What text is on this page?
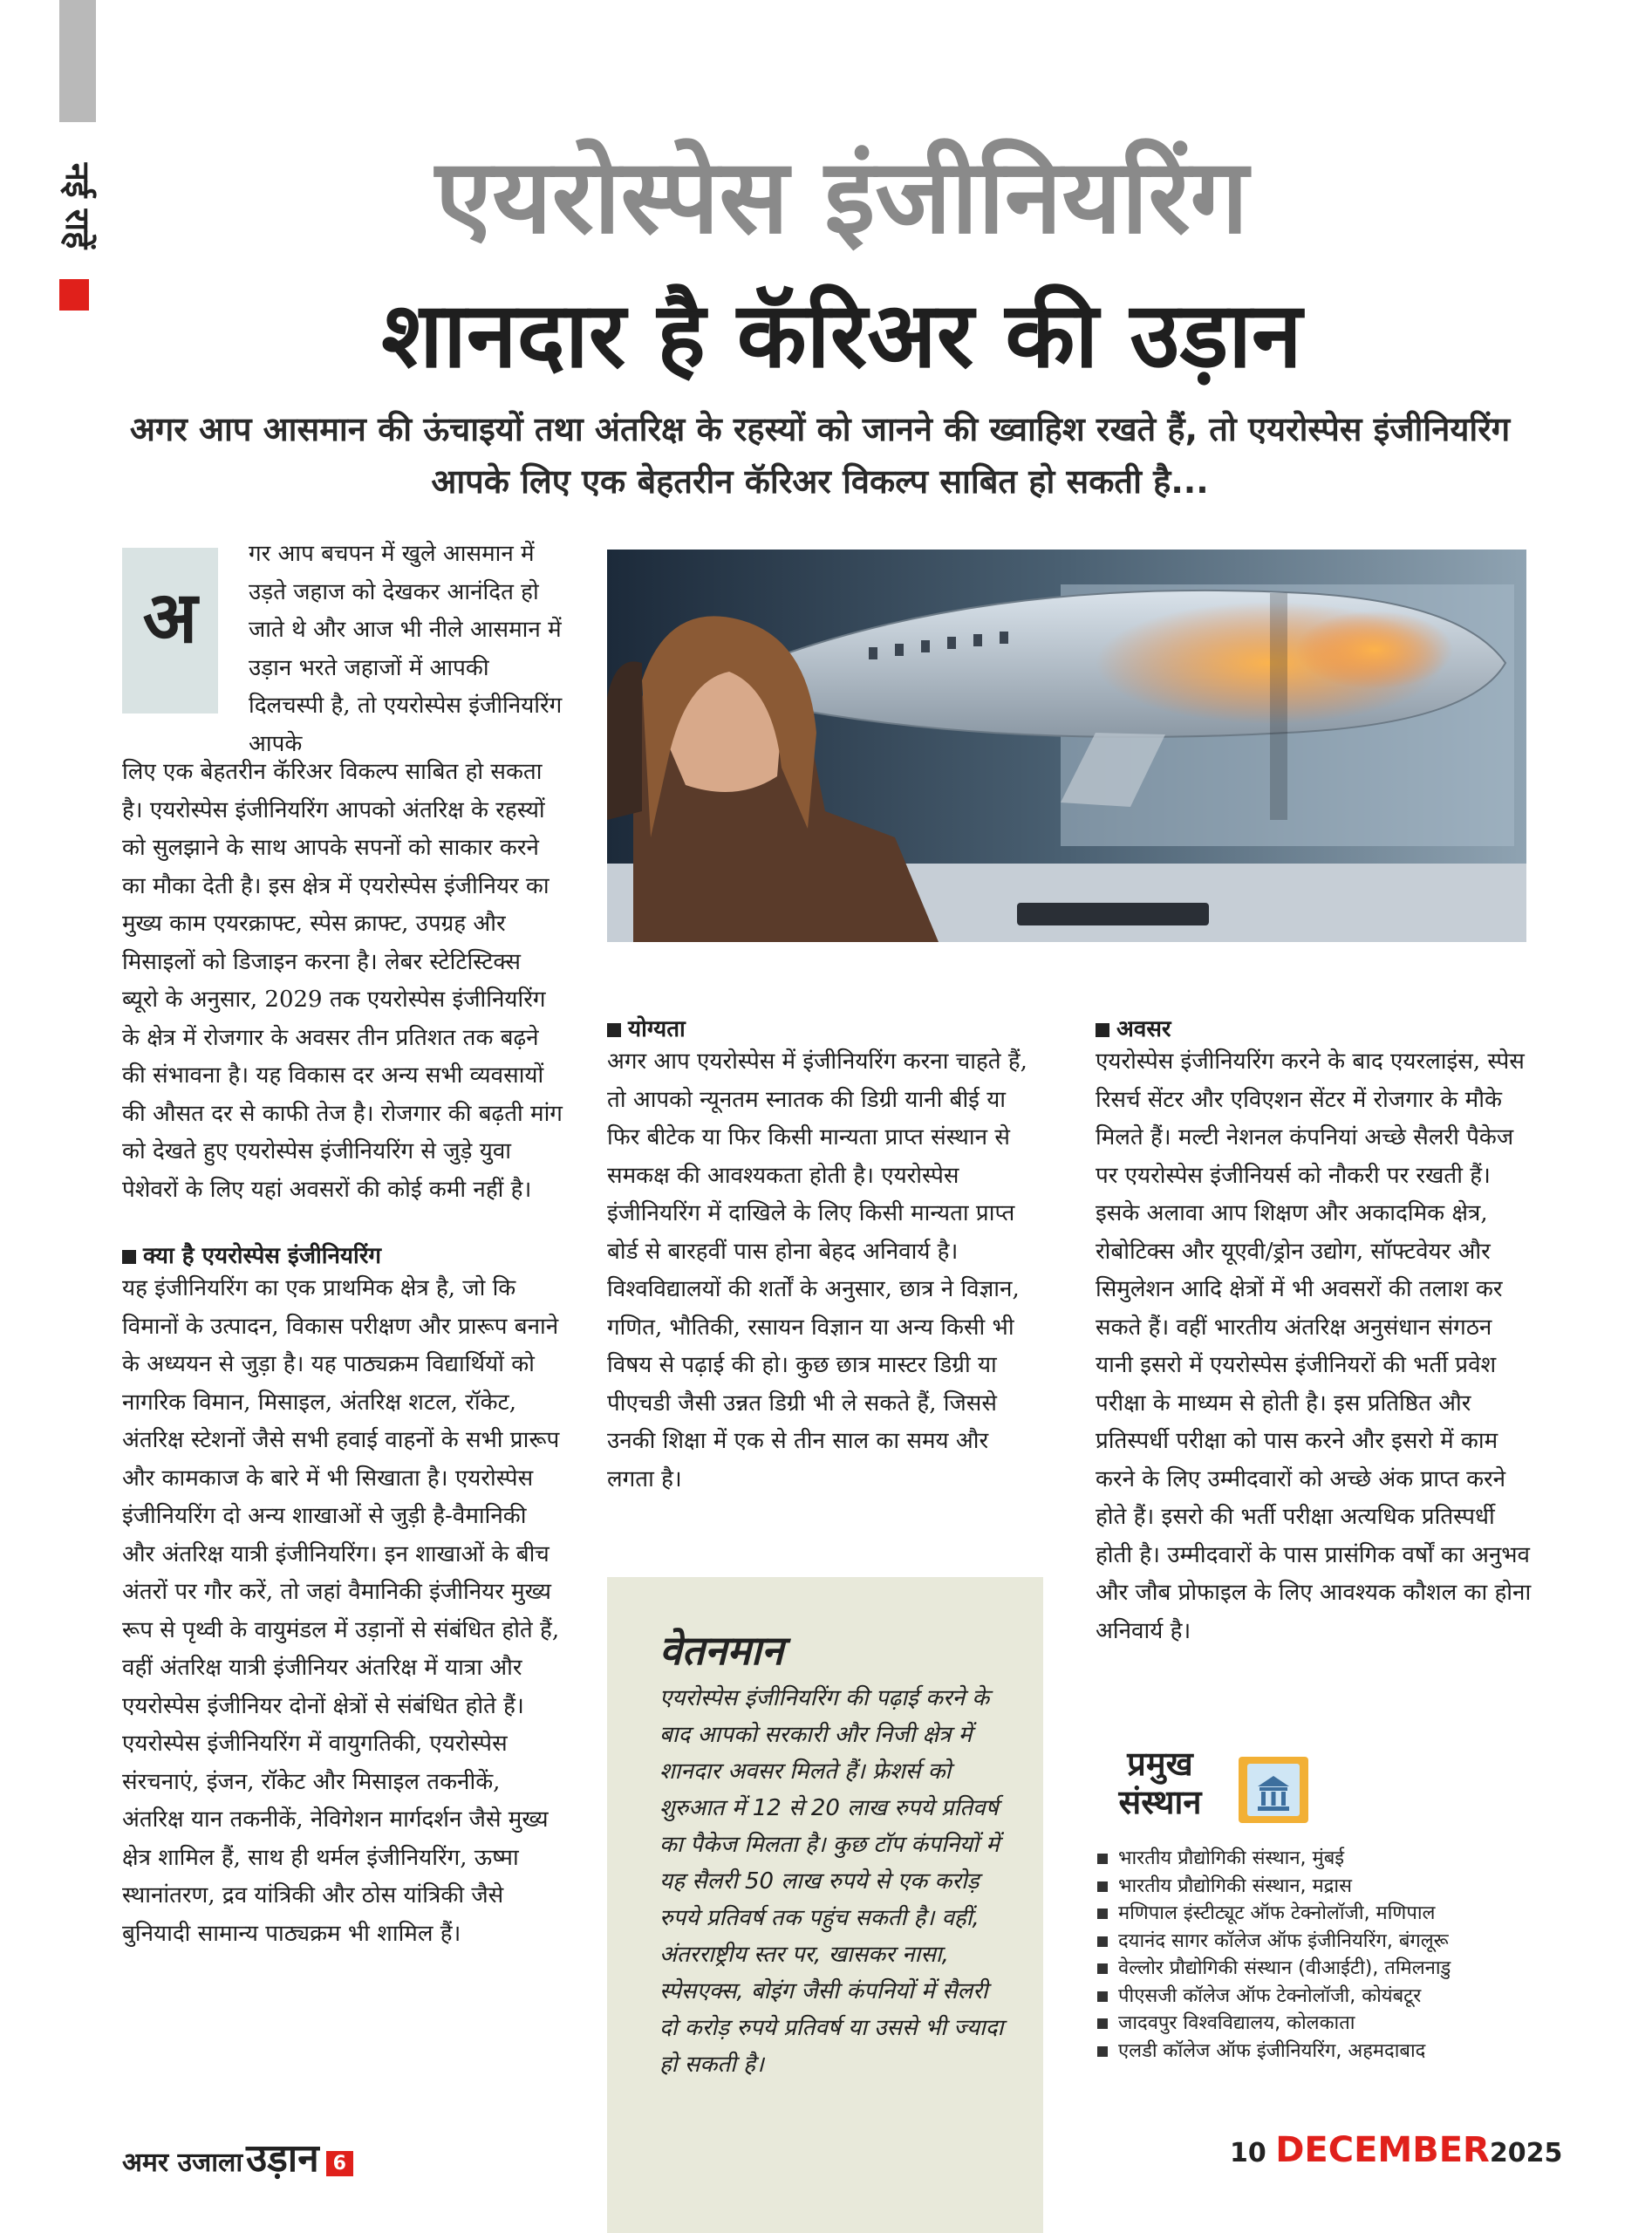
नई राहें	एयरोस्पेस इंजीनियरिंग
शानदार है कॅरिअर की उड़ान
अगर आप आसमान की ऊंचाइयों तथा अंतरिक्ष के रहस्यों को जानने की ख्वाहिश रखते हैं, तो एयरोस्पेस इंजीनियरिंग आपके लिए एक बेहतरीन कॅरिअर विकल्प साबित हो सकती है...
अ
गर आप बचपन में खुले आसमान में उड़ते जहाज को देखकर आनंदित हो जाते थे और आज भी नीले आसमान में उड़ान भरते जहाजों में आपकी दिलचस्पी है, तो एयरोस्पेस इंजीनियरिंग आपके
लिए एक बेहतरीन कॅरिअर विकल्प साबित हो सकता है। एयरोस्पेस इंजीनियरिंग आपको अंतरिक्ष के रहस्यों को सुलझाने के साथ आपके सपनों को साकार करने का मौका देती है। इस क्षेत्र में एयरोस्पेस इंजीनियर का मुख्य काम एयरक्राफ्ट, स्पेस क्राफ्ट, उपग्रह और मिसाइलों को डिजाइन करना है। लेबर स्टेटिस्टिक्स ब्यूरो के अनुसार, 2029 तक एयरोस्पेस इंजीनियरिंग के क्षेत्र में रोजगार के अवसर तीन प्रतिशत तक बढ़ने की संभावना है। यह विकास दर अन्य सभी व्यवसायों की औसत दर से काफी तेज है। रोजगार की बढ़ती मांग को देखते हुए एयरोस्पेस इंजीनियरिंग से जुड़े युवा पेशेवरों के लिए यहां अवसरों की कोई कमी नहीं है।
क्या है एयरोस्पेस इंजीनियरिंग
यह इंजीनियरिंग का एक प्राथमिक क्षेत्र है, जो कि विमानों के उत्पादन, विकास परीक्षण और प्रारूप बनाने के अध्ययन से जुड़ा है। यह पाठ्यक्रम विद्यार्थियों को नागरिक विमान, मिसाइल, अंतरिक्ष शटल, रॉकेट, अंतरिक्ष स्टेशनों जैसे सभी हवाई वाहनों के सभी प्रारूप और कामकाज के बारे में भी सिखाता है। एयरोस्पेस इंजीनियरिंग दो अन्य शाखाओं से जुड़ी है-वैमानिकी और अंतरिक्ष यात्री इंजीनियरिंग। इन शाखाओं के बीच अंतरों पर गौर करें, तो जहां वैमानिकी इंजीनियर मुख्य रूप से पृथ्वी के वायुमंडल में उड़ानों से संबंधित होते हैं, वहीं अंतरिक्ष यात्री इंजीनियर अंतरिक्ष में यात्रा और एयरोस्पेस इंजीनियर दोनों क्षेत्रों से संबंधित होते हैं। एयरोस्पेस इंजीनियरिंग में वायुगतिकी, एयरोस्पेस संरचनाएं, इंजन, रॉकेट और मिसाइल तकनीकें, अंतरिक्ष यान तकनीकें, नेविगेशन मार्गदर्शन जैसे मुख्य क्षेत्र शामिल हैं, साथ ही थर्मल इंजीनियरिंग, ऊष्मा स्थानांतरण, द्रव यांत्रिकी और ठोस यांत्रिकी जैसे बुनियादी सामान्य पाठ्यक्रम भी शामिल हैं।
योग्यता
अगर आप एयरोस्पेस में इंजीनियरिंग करना चाहते हैं, तो आपको न्यूनतम स्नातक की डिग्री यानी बीई या फिर बीटेक या फिर किसी मान्यता प्राप्त संस्थान से समकक्ष की आवश्यकता होती है। एयरोस्पेस इंजीनियरिंग में दाखिले के लिए किसी मान्यता प्राप्त बोर्ड से बारहवीं पास होना बेहद अनिवार्य है। विश्वविद्यालयों की शर्तों के अनुसार, छात्र ने विज्ञान, गणित, भौतिकी, रसायन विज्ञान या अन्य किसी भी विषय से पढ़ाई की हो। कुछ छात्र मास्टर डिग्री या पीएचडी जैसी उन्नत डिग्री भी ले सकते हैं, जिससे उनकी शिक्षा में एक से तीन साल का समय और लगता है।
वेतनमान
एयरोस्पेस इंजीनियरिंग की पढ़ाई करने के बाद आपको सरकारी और निजी क्षेत्र में शानदार अवसर मिलते हैं। फ्रेशर्स को शुरुआत में 12 से 20 लाख रुपये प्रतिवर्ष का पैकेज मिलता है। कुछ टॉप कंपनियों में यह सैलरी 50 लाख रुपये से एक करोड़ रुपये प्रतिवर्ष तक पहुंच सकती है। वहीं, अंतरराष्ट्रीय स्तर पर, खासकर नासा, स्पेसएक्स, बोइंग जैसी कंपनियों में सैलरी दो करोड़ रुपये प्रतिवर्ष या उससे भी ज्यादा हो सकती है।
अवसर
एयरोस्पेस इंजीनियरिंग करने के बाद एयरलाइंस, स्पेस रिसर्च सेंटर और एविएशन सेंटर में रोजगार के मौके मिलते हैं। मल्टी नेशनल कंपनियां अच्छे सैलरी पैकेज पर एयरोस्पेस इंजीनियर्स को नौकरी पर रखती हैं। इसके अलावा आप शिक्षण और अकादमिक क्षेत्र, रोबोटिक्स और यूएवी/ड्रोन उद्योग, सॉफ्टवेयर और सिमुलेशन आदि क्षेत्रों में भी अवसरों की तलाश कर सकते हैं। वहीं भारतीय अंतरिक्ष अनुसंधान संगठन यानी इसरो में एयरोस्पेस इंजीनियरों की भर्ती प्रवेश परीक्षा के माध्यम से होती है। इस प्रतिष्ठित और प्रतिस्पर्धी परीक्षा को पास करने और इसरो में काम करने के लिए उम्मीदवारों को अच्छे अंक प्राप्त करने होते हैं। इसरो की भर्ती परीक्षा अत्यधिक प्रतिस्पर्धी होती है। उम्मीदवारों के पास प्रासंगिक वर्षों का अनुभव और जौब प्रोफाइल के लिए आवश्यक कौशल का होना अनिवार्य है।
प्रमुख
संस्थान
भारतीय प्रौद्योगिकी संस्थान, मुंबई
भारतीय प्रौद्योगिकी संस्थान, मद्रास
मणिपाल इंस्टीट्यूट ऑफ टेक्नोलॉजी, मणिपाल
दयानंद सागर कॉलेज ऑफ इंजीनियरिंग, बंगलूरू
वेल्लोर प्रौद्योगिकी संस्थान (वीआईटी), तमिलनाडु
पीएसजी कॉलेज ऑफ टेक्नोलॉजी, कोयंबटूर
जादवपुर विश्वविद्यालय, कोलकाता
एलडी कॉलेज ऑफ इंजीनियरिंग, अहमदाबाद
अमर उजालाउड़ान 6	10 DECEMBER2025
